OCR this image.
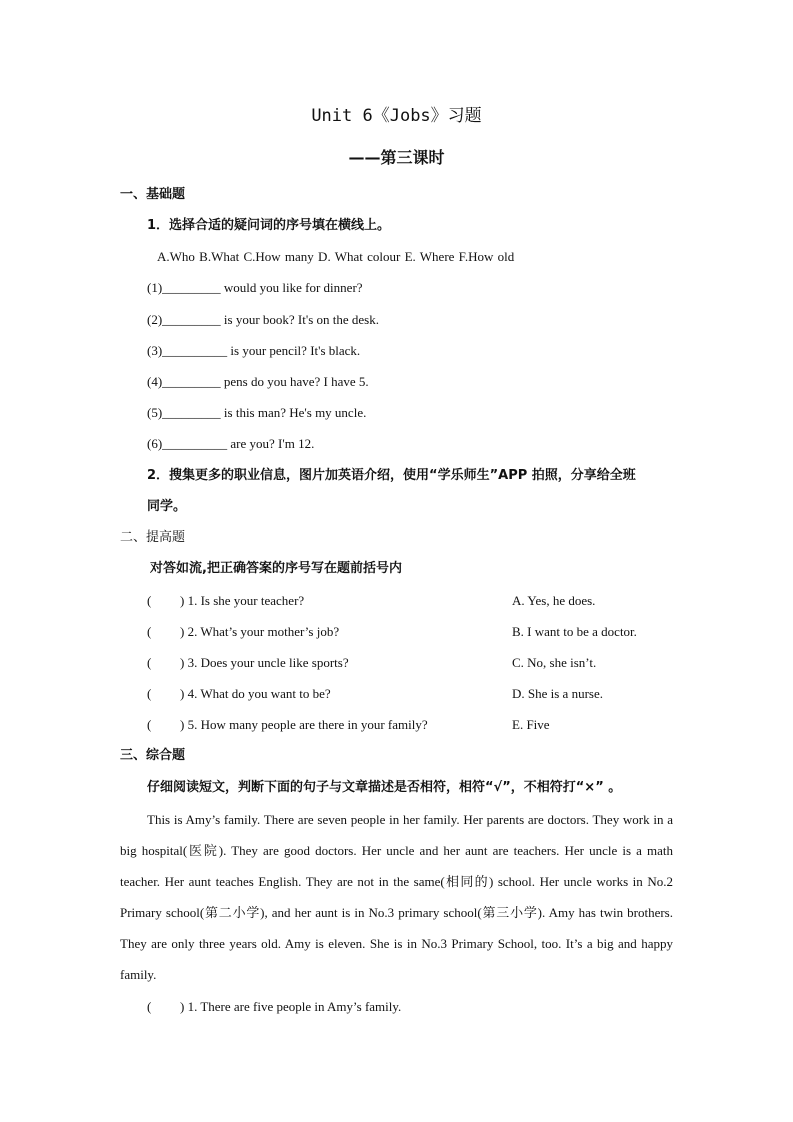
Unit 6《Jobs》习题
——第三课时
一、基础题
1．选择合适的疑问词的序号填在横线上。
A.Who B.What C.How many D. What colour E. Where F.How old
(1)_________ would you like for dinner?
(2)_________ is your book? It's on the desk.
(3)__________ is your pencil? It's black.
(4)_________ pens do you have? I have 5.
(5)_________ is this man? He's my uncle.
(6)__________ are you? I'm 12.
2．搜集更多的职业信息，图片加英语介绍，使用“学乐师生”APP 拍照，分享给全班
同学。
二、提高题
对答如流,把正确答案的序号写在题前括号内
( ) 1. Is she your teacher?	A. Yes, he does.
( ) 2. What’s your mother’s job?	B. I want to be a doctor.
( ) 3. Does your uncle like sports?	C. No, she isn’t.
( ) 4. What do you want to be?	D. She is a nurse.
( ) 5. How many people are there in your family?	E. Five
三、综合题
仔细阅读短文，判断下面的句子与文章描述是否相符，相符“√”，不相符打“×” 。
This is Amy’s family. There are seven people in her family. Her parents are doctors. They work in a big hospital(医院). They are good doctors. Her uncle and her aunt are teachers. Her uncle is a math teacher. Her aunt teaches English. They are not in the same(相同的) school. Her uncle works in No.2 Primary school(第二小学), and her aunt is in No.3 primary school(第三小学). Amy has twin brothers. They are only three years old. Amy is eleven. She is in No.3 Primary School, too. It’s a big and happy family.
( ) 1. There are five people in Amy’s family.
